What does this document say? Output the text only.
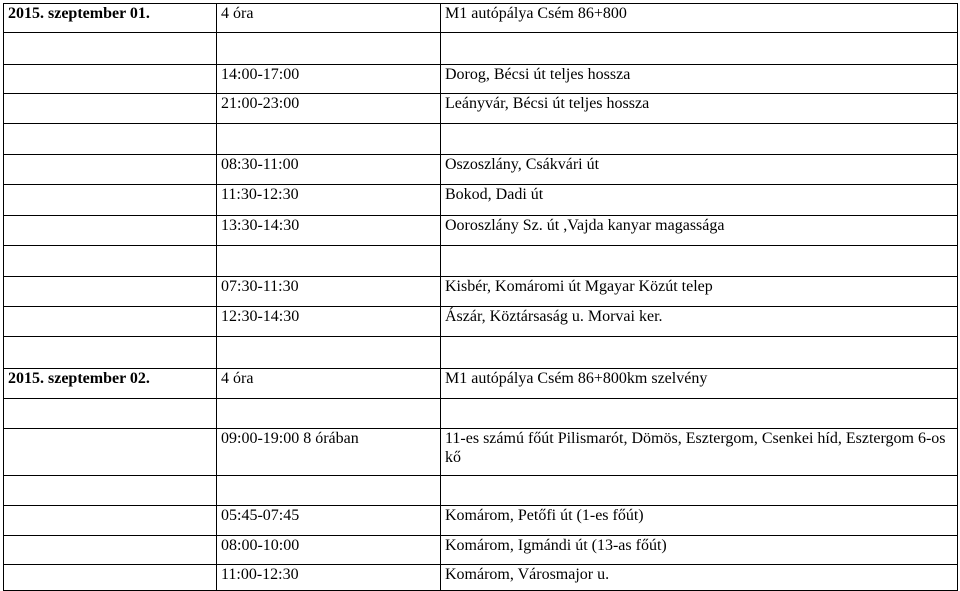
2015. szeptember 01.	4 óra	M1 autópálya Csém 86+800

	14:00-17:00	Dorog, Bécsi út teljes hossza
	21:00-23:00	Leányvár, Bécsi út teljes hossza

	08:30-11:00	Oszoszlány, Csákvári út
	11:30-12:30	Bokod, Dadi út
	13:30-14:30	Ooroszlány Sz. út ,Vajda kanyar magassága

	07:30-11:30	Kisbér, Komáromi út Mgayar Közút telep
	12:30-14:30	Ászár, Köztársaság u. Morvai ker.

2015. szeptember 02.	4 óra	M1 autópálya Csém 86+800km szelvény

	09:00-19:00 8 órában	11-es számú főút Pilismarót, Dömös, Esztergom, Csenkei híd, Esztergom 6-os kő

	05:45-07:45	Komárom, Petőfi út (1-es főút)
	08:00-10:00	Komárom, Igmándi út (13-as főút)
	11:00-12:30	Komárom, Városmajor u.
